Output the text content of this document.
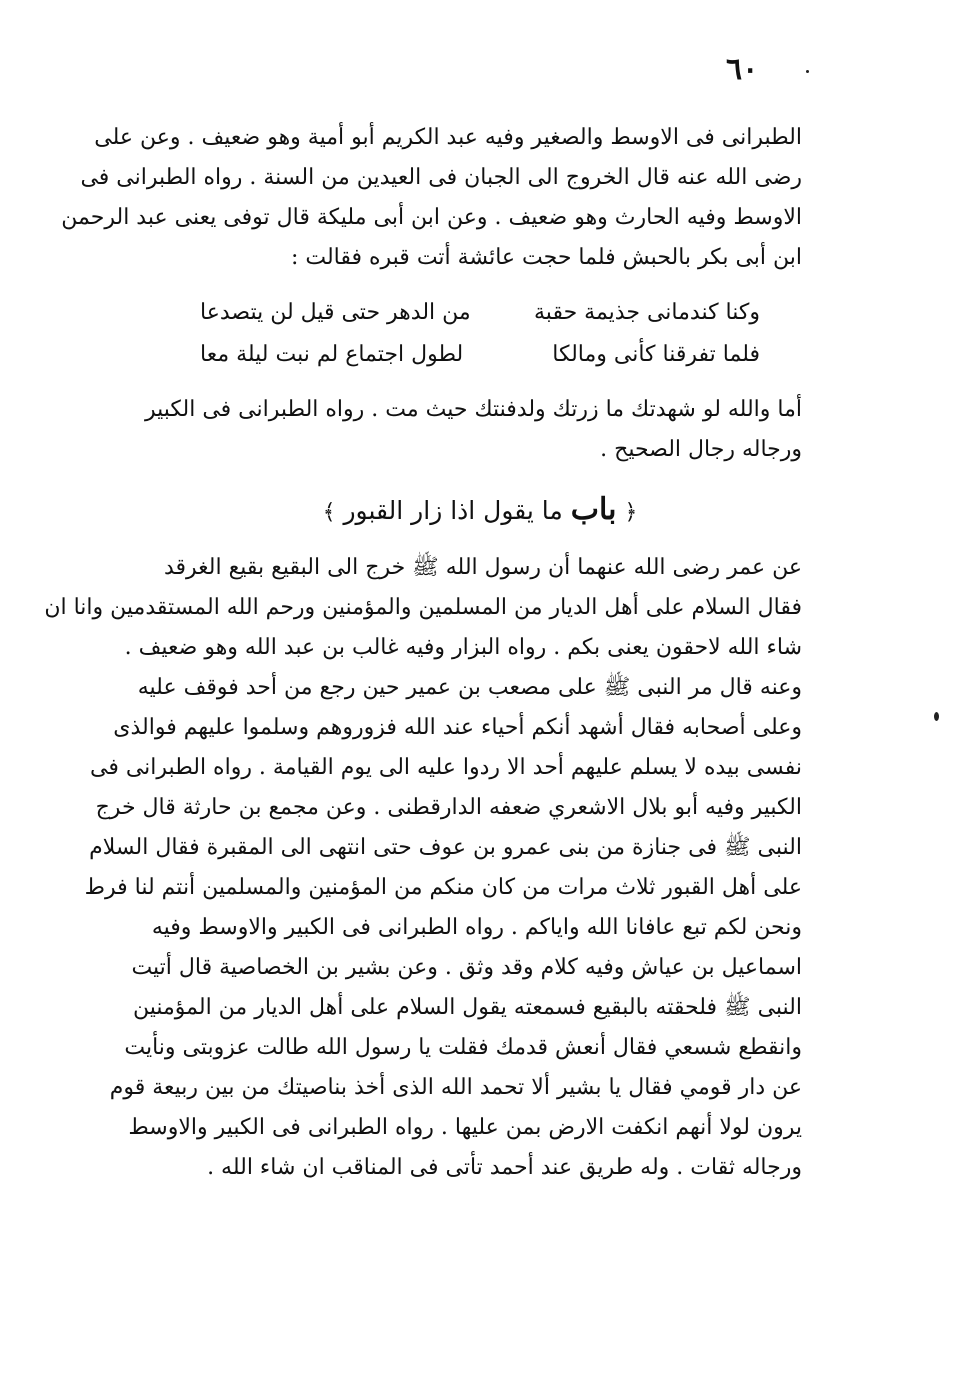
٦٠
الطبرانى فى الاوسط والصغير وفيه عبد الكريم أبو أمية وهو ضعيف . وعن على
رضى الله عنه قال الخروج الى الجبان فى العيدين من السنة . رواه الطبرانى فى
الاوسط وفيه الحارث وهو ضعيف . وعن ابن أبى مليكة قال توفى يعنى عبد الرحمن
ابن أبى بكر بالحبش فلما حجت عائشة أتت قبره فقالت :
وكنا كندمانى جذيمة حقبة
من الدهر حتى قيل لن يتصدعا
فلما تفرقنا كأنى ومالكا
لطول اجتماع لم نبت ليلة معا
أما والله لو شهدتك ما زرتك ولدفنتك حيث مت . رواه الطبرانى فى الكبير
ورجاله رجال الصحيح .
﴿ باب ما يقول اذا زار القبور ﴾
عن عمر رضى الله عنهما أن رسول الله ﷺ خرج الى البقيع بقيع الغرقد
فقال السلام على أهل الديار من المسلمين والمؤمنين ورحم الله المستقدمين وانا ان
شاء الله لاحقون يعنى بكم . رواه البزار وفيه غالب بن عبد الله وهو ضعيف .
وعنه قال مر النبى ﷺ على مصعب بن عمير حين رجع من أحد فوقف عليه
وعلى أصحابه فقال أشهد أنكم أحياء عند الله فزوروهم وسلموا عليهم فوالذى
نفسى بيده لا يسلم عليهم أحد الا ردوا عليه الى يوم القيامة . رواه الطبرانى فى
الكبير وفيه أبو بلال الاشعري ضعفه الدارقطنى . وعن مجمع بن حارثة قال خرج
النبى ﷺ فى جنازة من بنى عمرو بن عوف حتى انتهى الى المقبرة فقال السلام
على أهل القبور ثلاث مرات من كان منكم من المؤمنين والمسلمين أنتم لنا فرط
ونحن لكم تبع عافانا الله واياكم . رواه الطبرانى فى الكبير والاوسط وفيه
اسماعيل بن عياش وفيه كلام وقد وثق . وعن بشير بن الخصاصية قال أتيت
النبى ﷺ فلحقته بالبقيع فسمعته يقول السلام على أهل الديار من المؤمنين
وانقطع شسعي فقال أنعش قدمك فقلت يا رسول الله طالت عزوبتى ونأيت
عن دار قومي فقال يا بشير ألا تحمد الله الذى أخذ بناصيتك من بين ربيعة قوم
يرون لولا أنهم انكفت الارض بمن عليها . رواه الطبرانى فى الكبير والاوسط
ورجاله ثقات . وله طريق عند أحمد تأتى فى المناقب ان شاء الله .
